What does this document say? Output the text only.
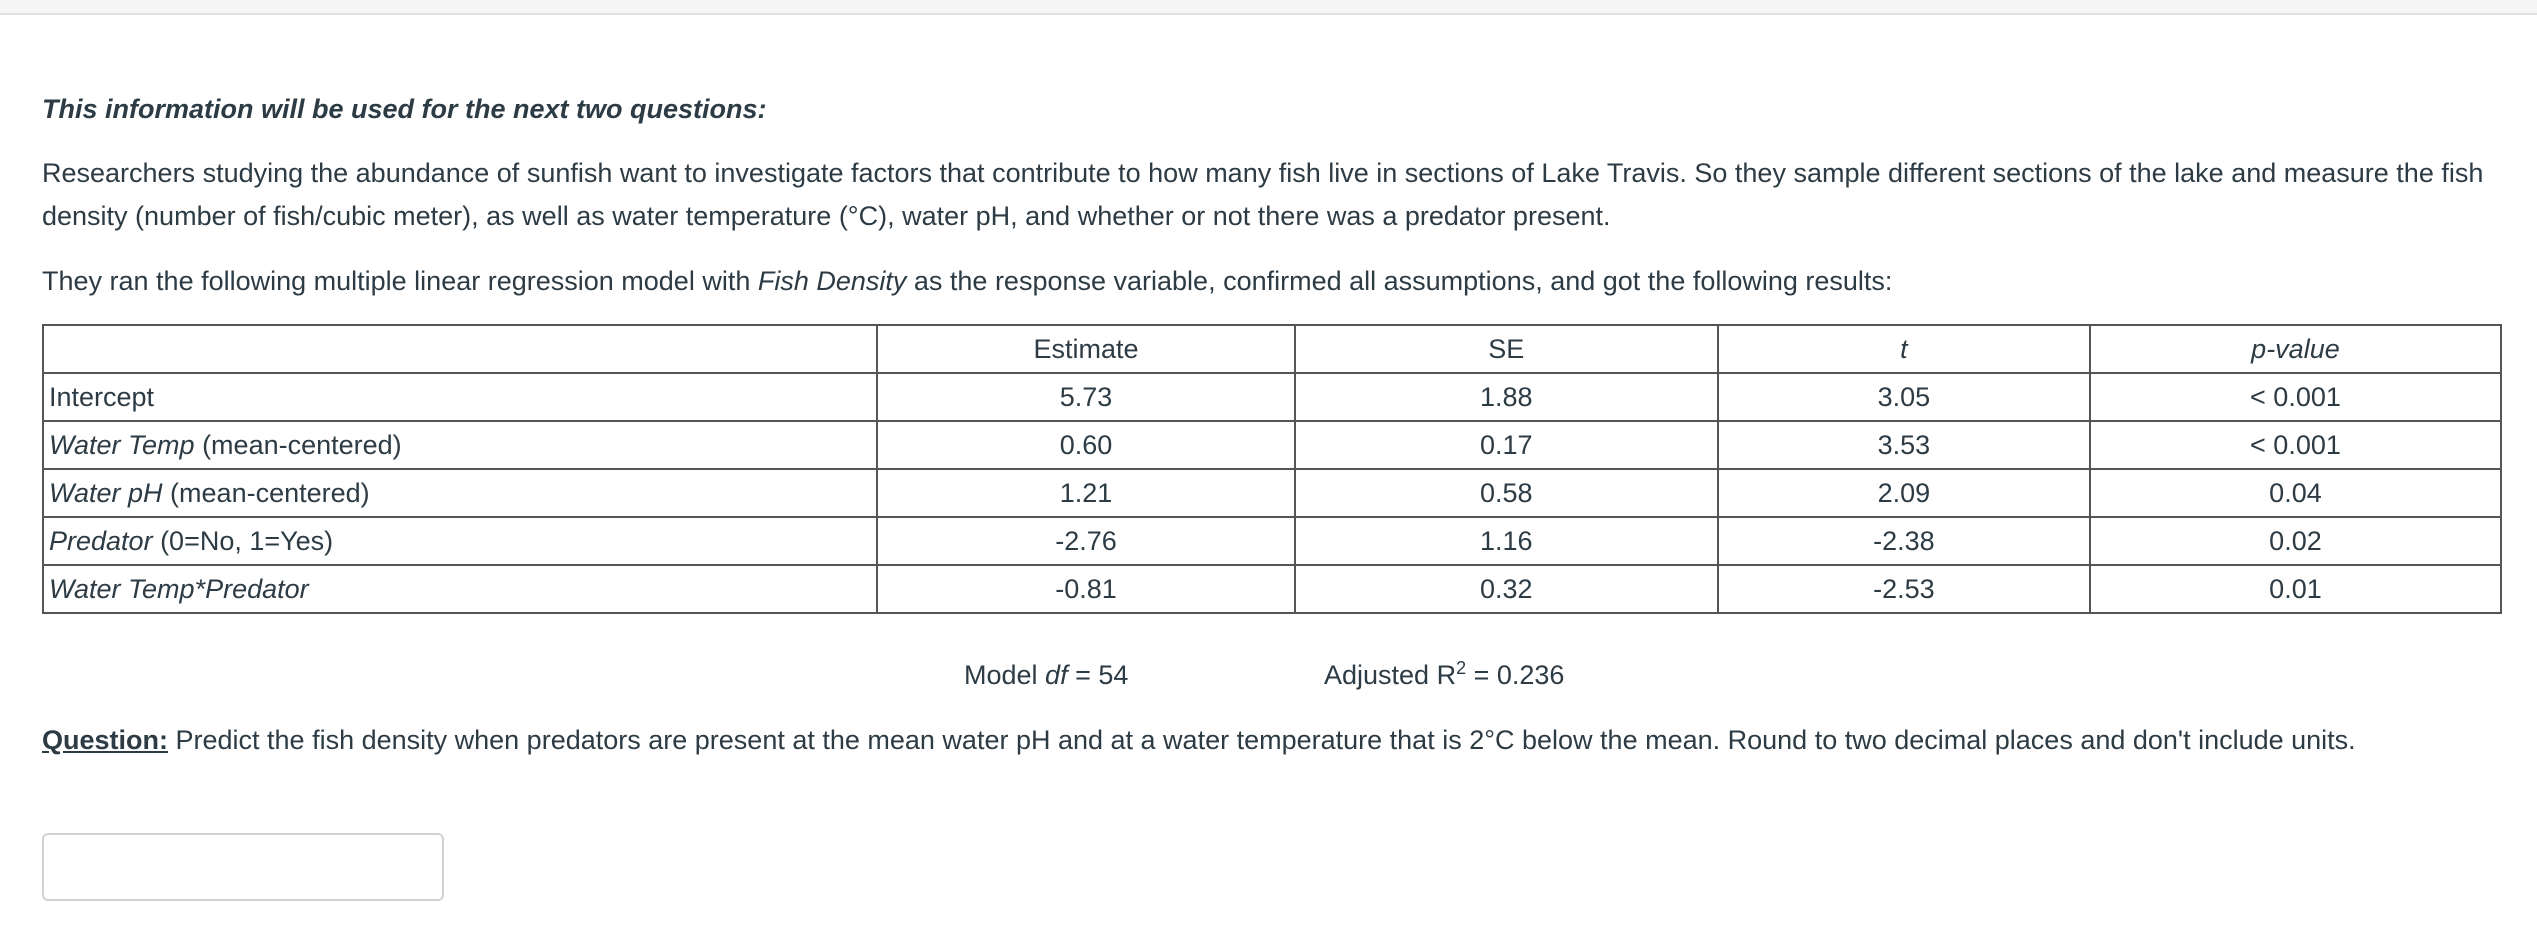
This information will be used for the next two questions:

Researchers studying the abundance of sunfish want to investigate factors that contribute to how many fish live in sections of Lake Travis. So they sample different sections of the lake and measure the fish density (number of fish/cubic meter), as well as water temperature (°C), water pH, and whether or not there was a predator present.

They ran the following multiple linear regression model with Fish Density as the response variable, confirmed all assumptions, and got the following results:

	Estimate	SE	t	p-value
Intercept	5.73	1.88	3.05	< 0.001
Water Temp (mean-centered)	0.60	0.17	3.53	< 0.001
Water pH (mean-centered)	1.21	0.58	2.09	0.04
Predator (0=No, 1=Yes)	-2.76	1.16	-2.38	0.02
Water Temp*Predator	-0.81	0.32	-2.53	0.01
Model df = 54	Adjusted $R^2 = 0.236$
Question: Predict the fish density when predators are present at the mean water pH and at a water temperature that is 2°C below the mean. Round to two decimal places and don't include units.
